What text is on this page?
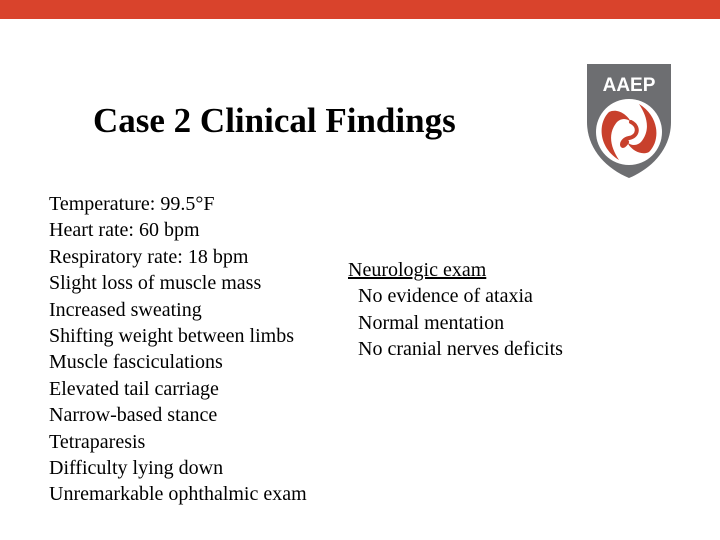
Case 2 Clinical Findings
AAEP
Temperature: 99.5°F
Heart rate: 60 bpm
Respiratory rate: 18 bpm
Slight loss of muscle mass
Increased sweating
Shifting weight between limbs
Muscle fasciculations
Elevated tail carriage
Narrow-based stance
Tetraparesis
Difficulty lying down
Unremarkable ophthalmic exam
Neurologic exam
No evidence of ataxia
Normal mentation
No cranial nerves deficits
